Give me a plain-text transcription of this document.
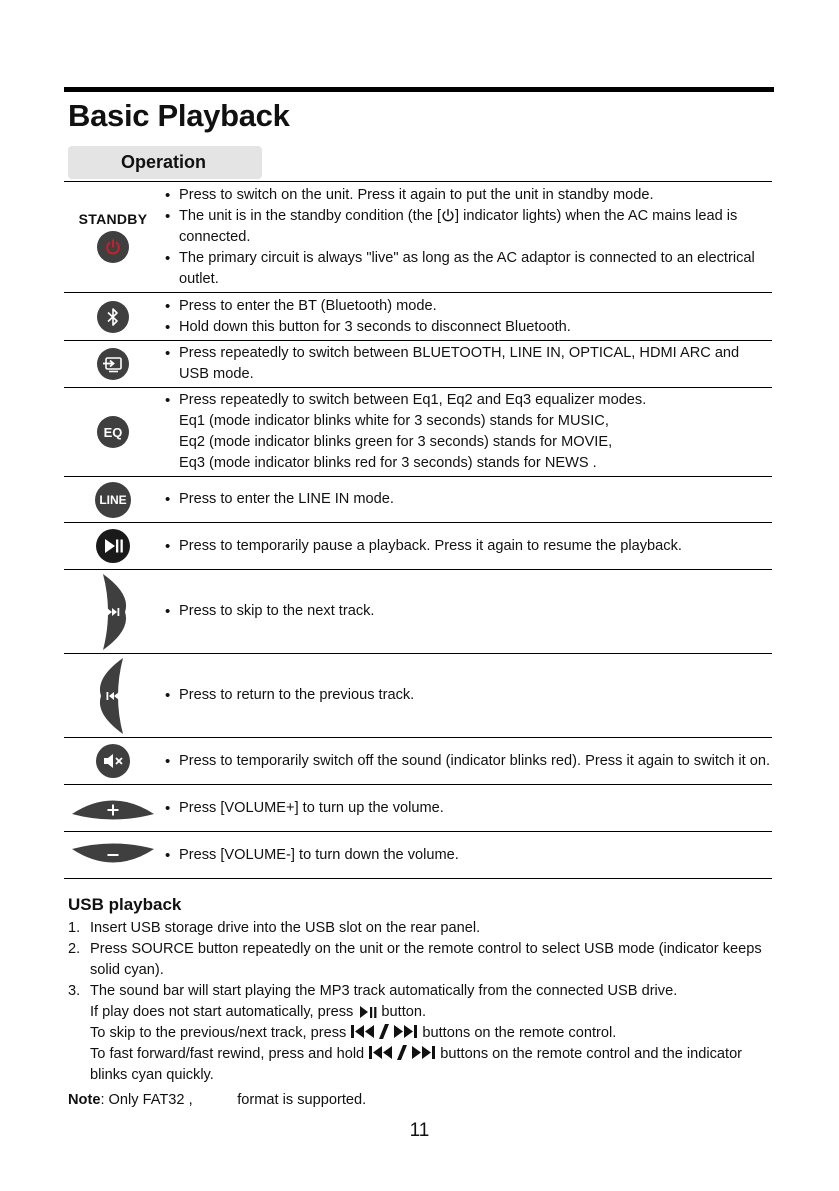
Basic Playback
Operation
STANDBY
• Press to switch on the unit. Press it again to put the unit in standby mode.
• The unit is in the standby condition (the [ ] indicator lights) when the AC mains lead is connected.
• The primary circuit is always "live" as long as the AC adaptor is connected to an electrical outlet.
• Press to enter the BT (Bluetooth) mode.
• Hold down this button for 3 seconds to disconnect Bluetooth.
• Press repeatedly to switch between BLUETOOTH, LINE IN, OPTICAL, HDMI ARC and USB mode.
EQ
• Press repeatedly to switch between Eq1, Eq2 and Eq3 equalizer modes.
Eq1 (mode indicator blinks white for 3 seconds) stands for MUSIC,
Eq2 (mode indicator blinks green for 3 seconds) stands for MOVIE,
Eq3 (mode indicator blinks red for 3 seconds) stands for NEWS .
LINE
•	Press to enter the LINE IN mode.
• Press to temporarily pause a playback. Press it again to resume the playback.
• Press to skip to the next track.
• Press to return to the previous track.
• Press to temporarily switch off the sound (indicator blinks red). Press it again to switch it on.
• Press [VOLUME+] to turn up the volume.
• Press [VOLUME-] to turn down the volume.
USB playback
1. Insert USB storage drive into the USB slot on the rear panel.
2. Press SOURCE button repeatedly on the unit or the remote control to select USB mode (indicator keeps solid cyan).
3. The sound bar will start playing the MP3 track automatically from the connected USB drive.
If play does not start automatically, press button.
To skip to the previous/next track, press	buttons on the remote control.
To fast forward/fast rewind, press and hold	buttons on the remote control and the indicator blinks cyan quickly.
Note: Only FAT32 ,           format is supported.
11
